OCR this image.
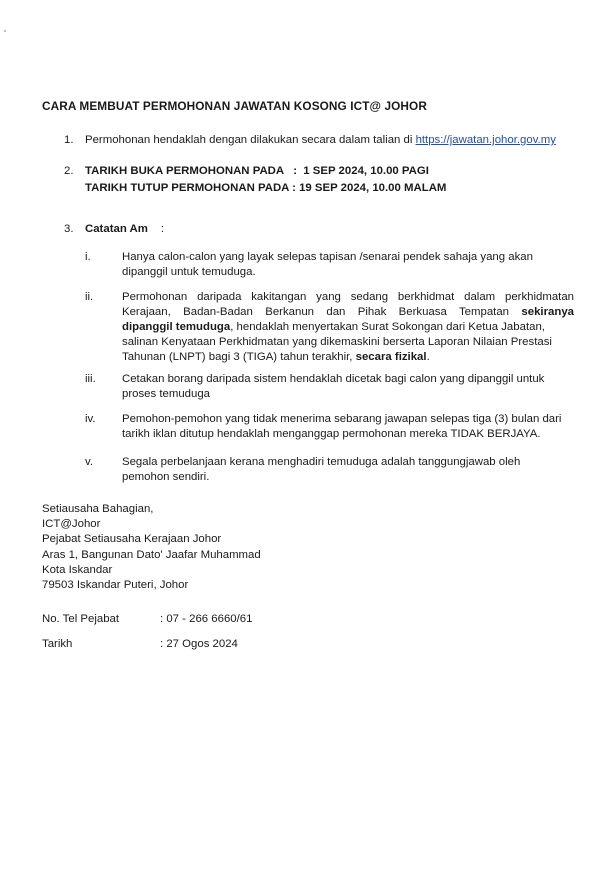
CARA MEMBUAT PERMOHONAN JAWATAN KOSONG ICT@ JOHOR
1. Permohonan hendaklah dengan dilakukan secara dalam talian di https://jawatan.johor.gov.my
2. TARIKH BUKA PERMOHONAN PADA   :  1 SEP 2024, 10.00 PAGI
TARIKH TUTUP PERMOHONAN PADA : 19 SEP 2024, 10.00 MALAM
3. Catatan Am :
i.	Hanya calon-calon yang layak selepas tapisan /senarai pendek sahaja yang akan
dipanggil untuk temuduga.
ii.	Permohonan daripada kakitangan yang sedang berkhidmat dalam perkhidmatan
Kerajaan, Badan-Badan Berkanun dan Pihak Berkuasa Tempatan sekiranya
dipanggil temuduga, hendaklah menyertakan Surat Sokongan dari Ketua Jabatan,
salinan Kenyataan Perkhidmatan yang dikemaskini berserta Laporan Nilaian Prestasi
Tahunan (LNPT) bagi 3 (TIGA) tahun terakhir, secara fizikal.
iii. Cetakan borang daripada sistem hendaklah dicetak bagi calon yang dipanggil untuk
proses temuduga
iv. Pemohon-pemohon yang tidak menerima sebarang jawapan selepas tiga (3) bulan dari
tarikh iklan ditutup hendaklah menganggap permohonan mereka TIDAK BERJAYA.
v.	Segala perbelanjaan kerana menghadiri temuduga adalah tanggungjawab oleh
pemohon sendiri.
Setiausaha Bahagian,
ICT@Johor
Pejabat Setiausaha Kerajaan Johor
Aras 1, Bangunan Dato' Jaafar Muhammad
Kota Iskandar
79503 Iskandar Puteri, Johor
No. Tel Pejabat	: 07 - 266 6660/61
Tarikh	: 27 Ogos 2024
